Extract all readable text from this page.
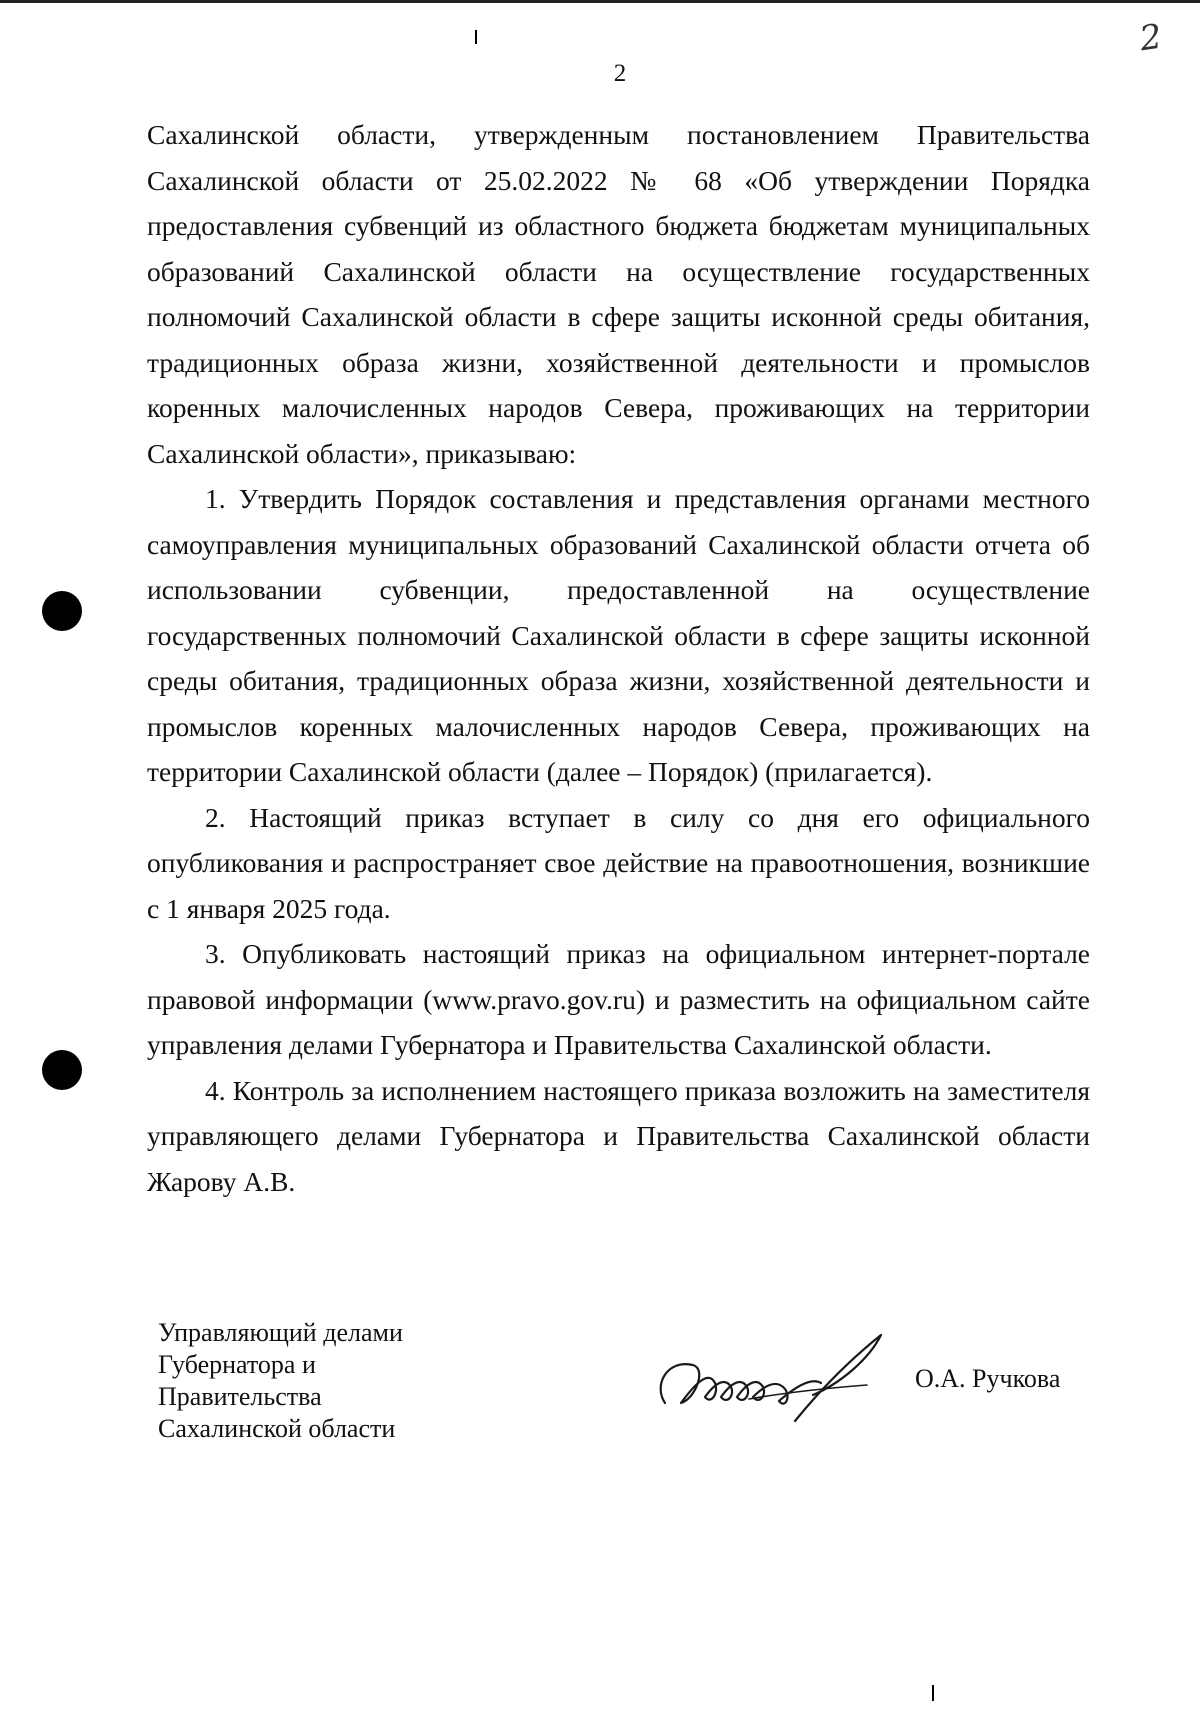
2
2

Сахалинской области, утвержденным постановлением Правительства Сахалинской области от 25.02.2022 № 68 «Об утверждении Порядка предоставления субвенций из областного бюджета бюджетам муниципальных образований Сахалинской области на осуществление государственных полномочий Сахалинской области в сфере защиты исконной среды обитания, традиционных образа жизни, хозяйственной деятельности и промыслов коренных малочисленных народов Севера, проживающих на территории Сахалинской области», приказываю:

1. Утвердить Порядок составления и представления органами местного самоуправления муниципальных образований Сахалинской области отчета об использовании субвенции, предоставленной на осуществление государственных полномочий Сахалинской области в сфере защиты исконной среды обитания, традиционных образа жизни, хозяйственной деятельности и промыслов коренных малочисленных народов Севера, проживающих на территории Сахалинской области (далее – Порядок) (прилагается).

2. Настоящий приказ вступает в силу со дня его официального опубликования и распространяет свое действие на правоотношения, возникшие с 1 января 2025 года.

3. Опубликовать настоящий приказ на официальном интернет-портале правовой информации (www.pravo.gov.ru) и разместить на официальном сайте управления делами Губернатора и Правительства Сахалинской области.

4. Контроль за исполнением настоящего приказа возложить на заместителя управляющего делами Губернатора и Правительства Сахалинской области Жарову А.В.

Управляющий делами
Губернатора и
Правительства
Сахалинской области
О.А. Ручкова
